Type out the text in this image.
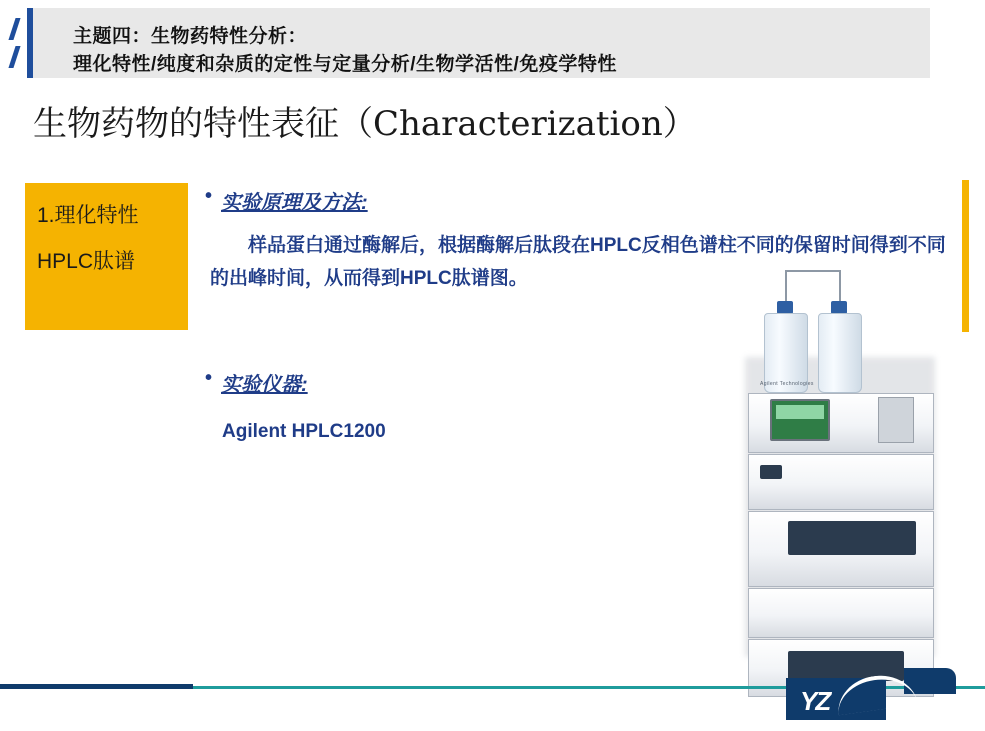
主题四：生物药特性分析：
理化特性/纯度和杂质的定性与定量分析/生物学活性/免疫学特性
生物药物的特性表征（Characterization）
1.理化特性
HPLC肽谱
• 实验原理及方法:
样品蛋白通过酶解后，根据酶解后肽段在HPLC反相色谱柱不同的保留时间得到不同的出峰时间，从而得到HPLC肽谱图。
• 实验仪器:
Agilent HPLC1200
Agilent Technologies
YZ
